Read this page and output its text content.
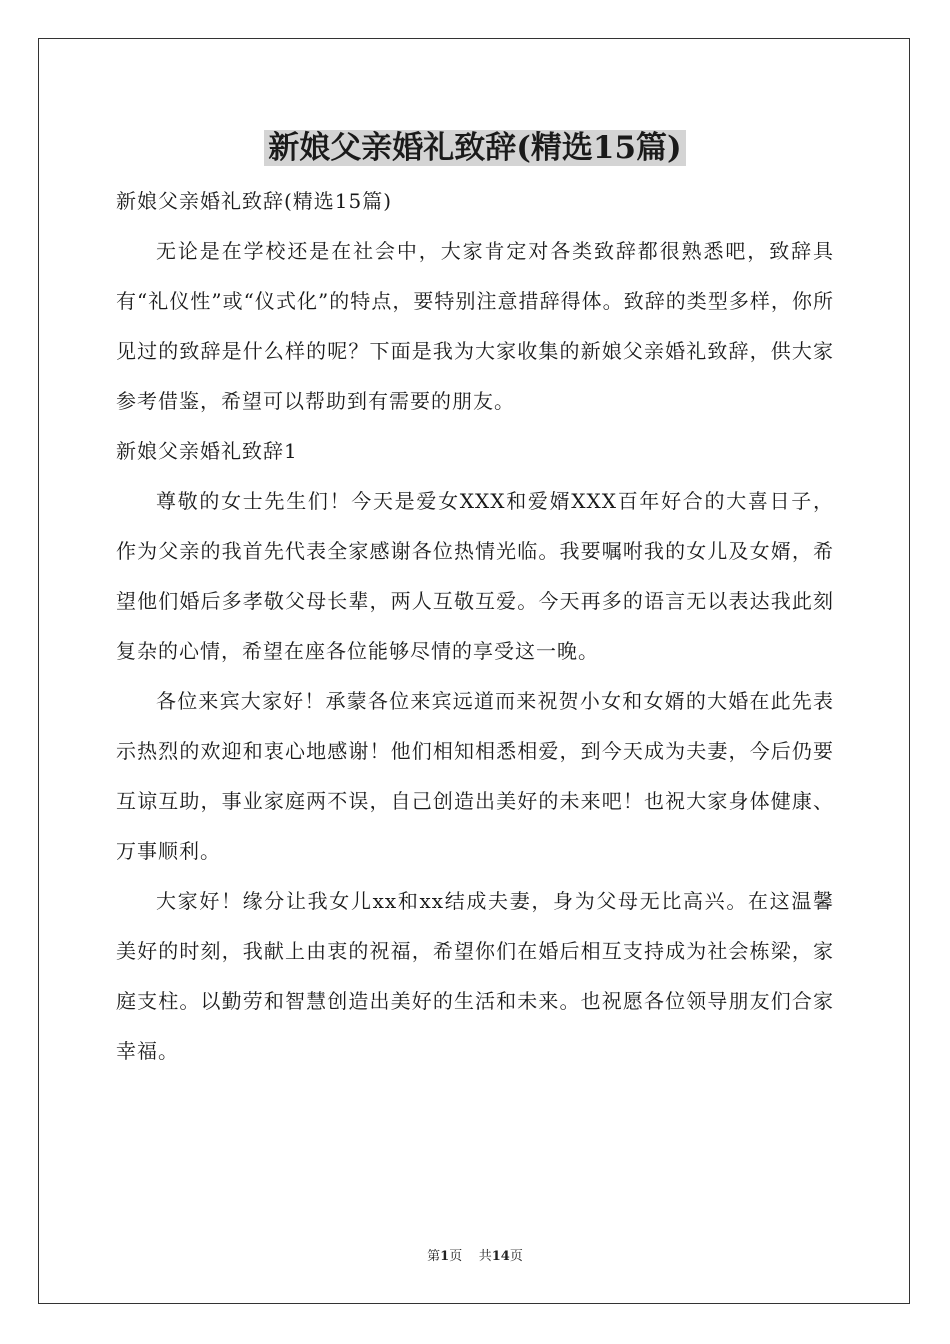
新娘父亲婚礼致辞(精选15篇)

新娘父亲婚礼致辞(精选15篇)

无论是在学校还是在社会中，大家肯定对各类致辞都很熟悉吧，致辞具有“礼仪性”或“仪式化”的特点，要特别注意措辞得体。致辞的类型多样，你所见过的致辞是什么样的呢？下面是我为大家收集的新娘父亲婚礼致辞，供大家参考借鉴，希望可以帮助到有需要的朋友。

新娘父亲婚礼致辞1

尊敬的女士先生们！今天是爱女XXX和爱婿XXX百年好合的大喜日子，作为父亲的我首先代表全家感谢各位热情光临。我要嘱咐我的女儿及女婿，希望他们婚后多孝敬父母长辈，两人互敬互爱。今天再多的语言无以表达我此刻复杂的心情，希望在座各位能够尽情的享受这一晚。

各位来宾大家好！承蒙各位来宾远道而来祝贺小女和女婿的大婚在此先表示热烈的欢迎和衷心地感谢！他们相知相悉相爱，到今天成为夫妻，今后仍要互谅互助，事业家庭两不误，自己创造出美好的未来吧！也祝大家身体健康、万事顺利。

大家好！缘分让我女儿xx和xx结成夫妻，身为父母无比高兴。在这温馨美好的时刻，我献上由衷的祝福，希望你们在婚后相互支持成为社会栋梁，家庭支柱。以勤劳和智慧创造出美好的生活和未来。也祝愿各位领导朋友们合家幸福。

第1页 共14页
